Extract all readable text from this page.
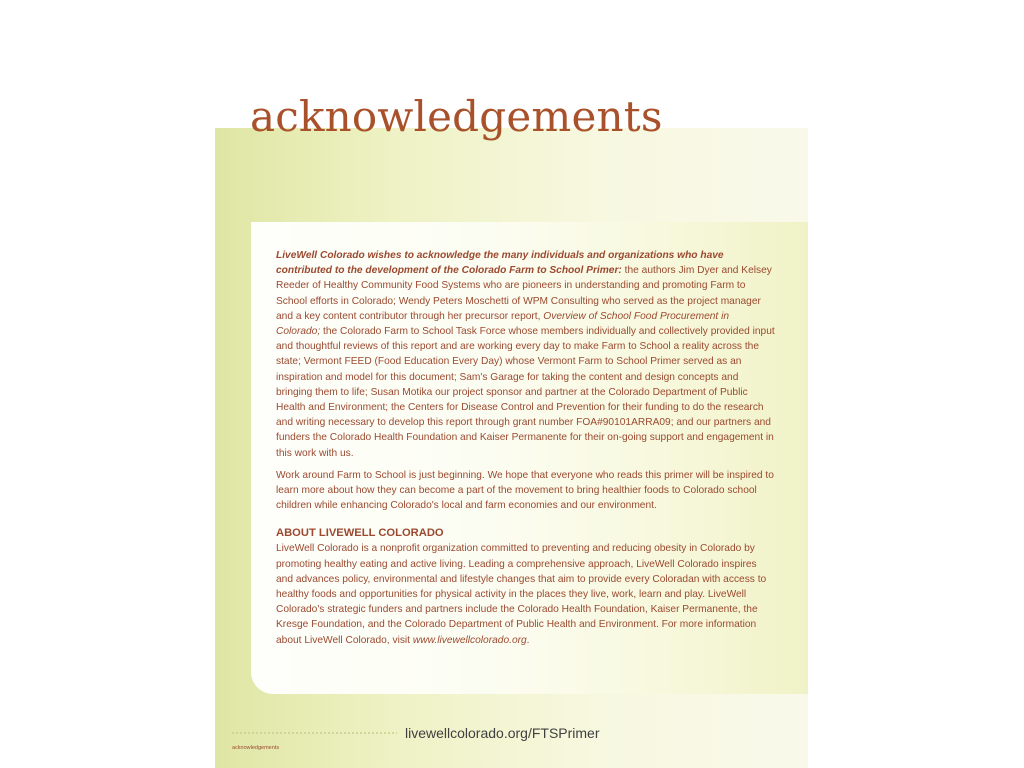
acknowledgements

LiveWell Colorado wishes to acknowledge the many individuals and organizations who have contributed to the development of the Colorado Farm to School Primer: the authors Jim Dyer and Kelsey Reeder of Healthy Community Food Systems who are pioneers in understanding and promoting Farm to School efforts in Colorado; Wendy Peters Moschetti of WPM Consulting who served as the project manager and a key content contributor through her precursor report, Overview of School Food Procurement in Colorado; the Colorado Farm to School Task Force whose members individually and collectively provided input and thoughtful reviews of this report and are working every day to make Farm to School a reality across the state; Vermont FEED (Food Education Every Day) whose Vermont Farm to School Primer served as an inspiration and model for this document; Sam's Garage for taking the content and design concepts and bringing them to life; Susan Motika our project sponsor and partner at the Colorado Department of Public Health and Environment; the Centers for Disease Control and Prevention for their funding to do the research and writing necessary to develop this report through grant number FOA#90101ARRA09; and our partners and funders the Colorado Health Foundation and Kaiser Permanente for their on-going support and engagement in this work with us.

Work around Farm to School is just beginning. We hope that everyone who reads this primer will be inspired to learn more about how they can become a part of the movement to bring healthier foods to Colorado school children while enhancing Colorado's local and farm economies and our environment.

ABOUT LIVEWELL COLORADO

LiveWell Colorado is a nonprofit organization committed to preventing and reducing obesity in Colorado by promoting healthy eating and active living. Leading a comprehensive approach, LiveWell Colorado inspires and advances policy, environmental and lifestyle changes that aim to provide every Coloradan with access to healthy foods and opportunities for physical activity in the places they live, work, learn and play. LiveWell Colorado's strategic funders and partners include the Colorado Health Foundation, Kaiser Permanente, the Kresge Foundation, and the Colorado Department of Public Health and Environment. For more information about LiveWell Colorado, visit www.livewellcolorado.org.

livewellcolorado.org/FTSPrimer
acknowledgements
